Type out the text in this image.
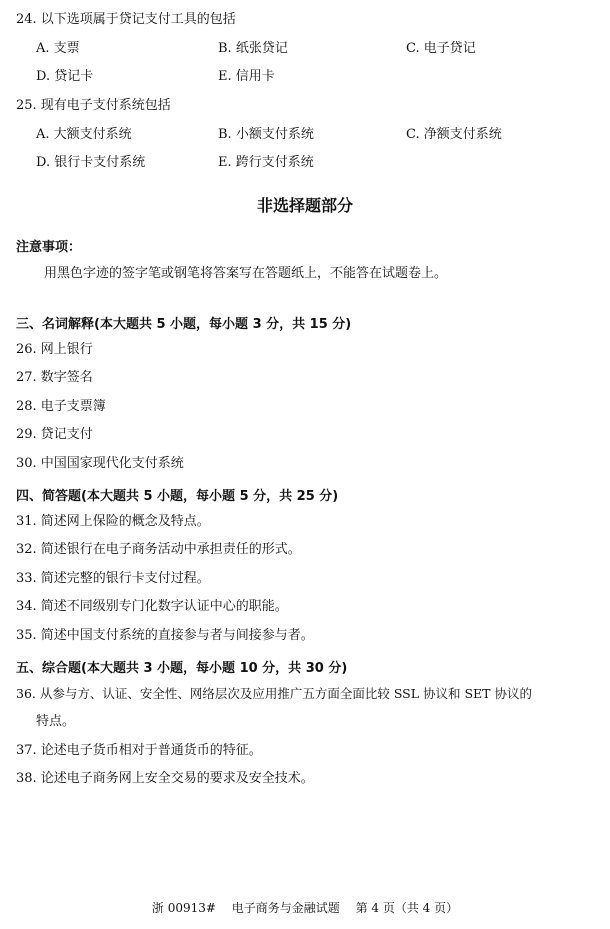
24. 以下选项属于贷记支付工具的包括
A. 支票	B. 纸张贷记	C. 电子贷记
D. 贷记卡	E. 信用卡
25. 现有电子支付系统包括
A. 大额支付系统	B. 小额支付系统	C. 净额支付系统
D. 银行卡支付系统	E. 跨行支付系统
非选择题部分
注意事项：
用黑色字迹的签字笔或钢笔将答案写在答题纸上，不能答在试题卷上。
三、名词解释(本大题共 5 小题，每小题 3 分，共 15 分)
26. 网上银行
27. 数字签名
28. 电子支票簿
29. 贷记支付
30. 中国国家现代化支付系统
四、简答题(本大题共 5 小题，每小题 5 分，共 25 分)
31. 简述网上保险的概念及特点。
32. 简述银行在电子商务活动中承担责任的形式。
33. 简述完整的银行卡支付过程。
34. 简述不同级别专门化数字认证中心的职能。
35. 简述中国支付系统的直接参与者与间接参与者。
五、综合题(本大题共 3 小题，每小题 10 分，共 30 分)
36. 从参与方、认证、安全性、网络层次及应用推广五方面全面比较 SSL 协议和 SET 协议的
特点。
37. 论述电子货币相对于普通货币的特征。
38. 论述电子商务网上安全交易的要求及安全技术。
浙 00913# 电子商务与金融试题 第 4 页（共 4 页）
